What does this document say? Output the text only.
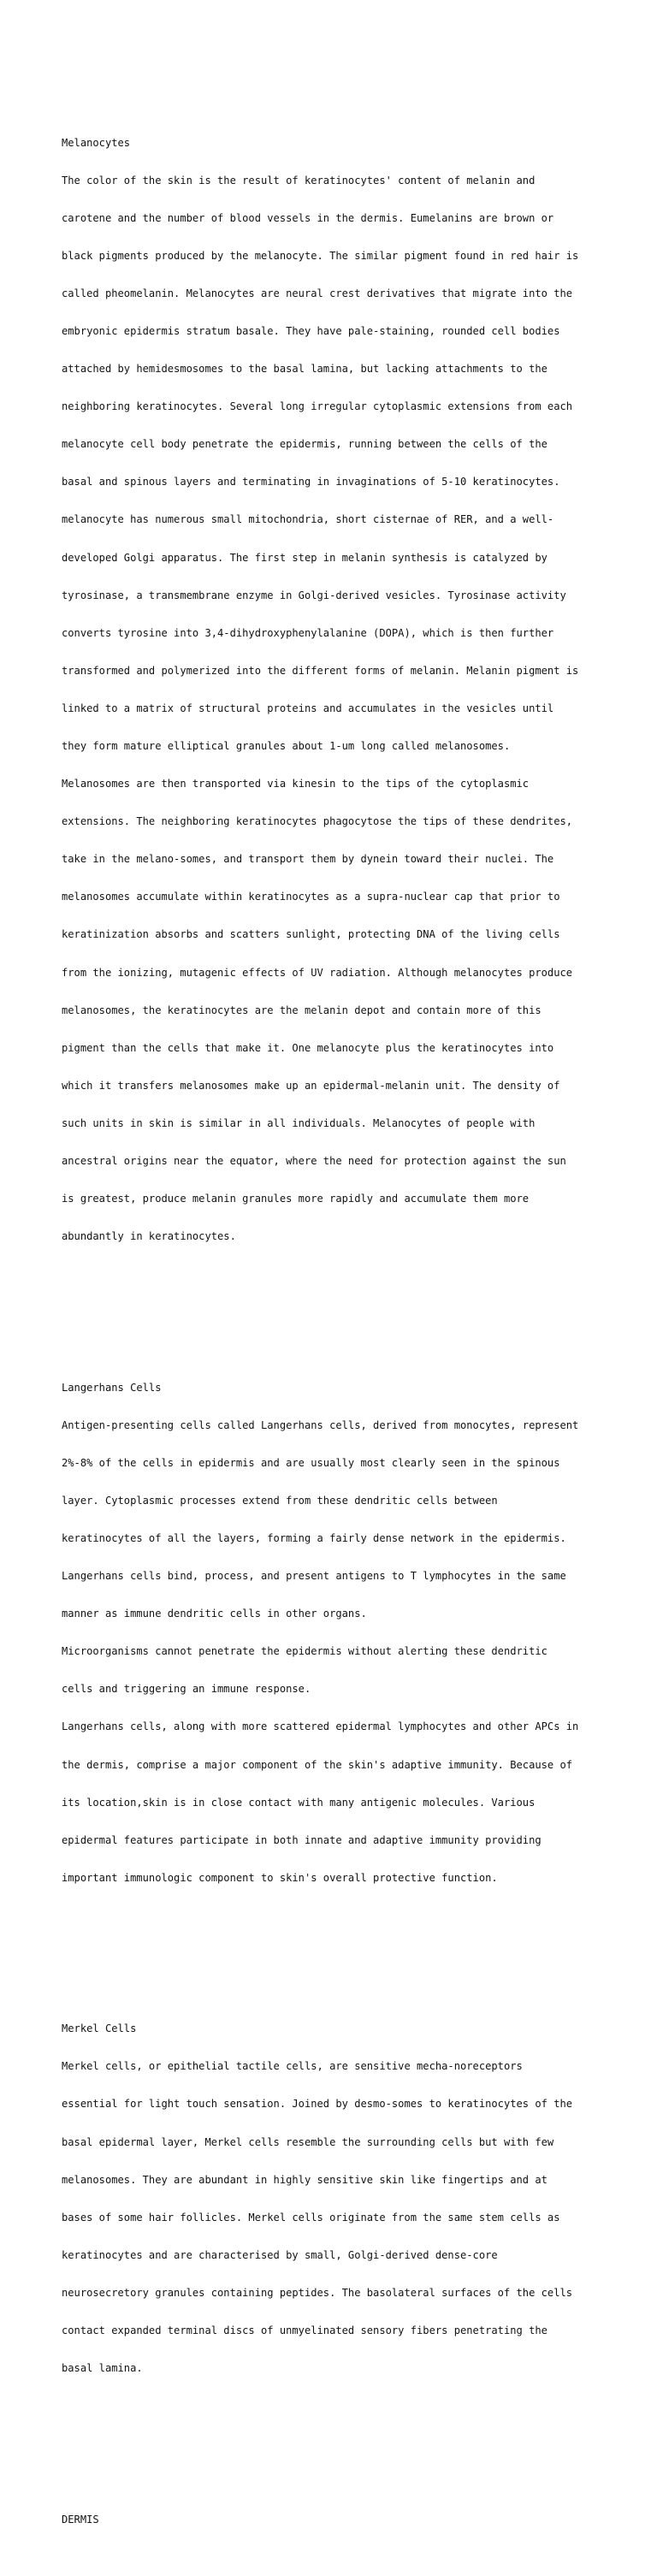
Melanocytes

The color of the skin is the result of keratinocytes' content of melanin and

carotene and the number of blood vessels in the dermis. Eumelanins are brown or

black pigments produced by the melanocyte. The similar pigment found in red hair is

called pheomelanin. Melanocytes are neural crest derivatives that migrate into the

embryonic epidermis stratum basale. They have pale-staining, rounded cell bodies

attached by hemidesmosomes to the basal lamina, but lacking attachments to the

neighboring keratinocytes. Several long irregular cytoplasmic extensions from each

melanocyte cell body penetrate the epidermis, running between the cells of the

basal and spinous layers and terminating in invaginations of 5-10 keratinocytes.

melanocyte has numerous small mitochondria, short cisternae of RER, and a well-

developed Golgi apparatus. The first step in melanin synthesis is catalyzed by

tyrosinase, a transmembrane enzyme in Golgi-derived vesicles. Tyrosinase activity

converts tyrosine into 3,4-dihydroxyphenylalanine (DOPA), which is then further

transformed and polymerized into the different forms of melanin. Melanin pigment is

linked to a matrix of structural proteins and accumulates in the vesicles until

they form mature elliptical granules about 1-um long called melanosomes.

Melanosomes are then transported via kinesin to the tips of the cytoplasmic

extensions. The neighboring keratinocytes phagocytose the tips of these dendrites,

take in the melano-somes, and transport them by dynein toward their nuclei. The

melanosomes accumulate within keratinocytes as a supra-nuclear cap that prior to

keratinization absorbs and scatters sunlight, protecting DNA of the living cells

from the ionizing, mutagenic effects of UV radiation. Although melanocytes produce

melanosomes, the keratinocytes are the melanin depot and contain more of this

pigment than the cells that make it. One melanocyte plus the keratinocytes into

which it transfers melanosomes make up an epidermal-melanin unit. The density of

such units in skin is similar in all individuals. Melanocytes of people with

ancestral origins near the equator, where the need for protection against the sun

is greatest, produce melanin granules more rapidly and accumulate them more

abundantly in keratinocytes.

Langerhans Cells

Antigen-presenting cells called Langerhans cells, derived from monocytes, represent

2%-8% of the cells in epidermis and are usually most clearly seen in the spinous

layer. Cytoplasmic processes extend from these dendritic cells between

keratinocytes of all the layers, forming a fairly dense network in the epidermis.

Langerhans cells bind, process, and present antigens to T lymphocytes in the same

manner as immune dendritic cells in other organs.

Microorganisms cannot penetrate the epidermis without alerting these dendritic

cells and triggering an immune response.

Langerhans cells, along with more scattered epidermal lymphocytes and other APCs in

the dermis, comprise a major component of the skin's adaptive immunity. Because of

its location,skin is in close contact with many antigenic molecules. Various

epidermal features participate in both innate and adaptive immunity providing

important immunologic component to skin's overall protective function.

Merkel Cells

Merkel cells, or epithelial tactile cells, are sensitive mecha-noreceptors

essential for light touch sensation. Joined by desmo-somes to keratinocytes of the

basal epidermal layer, Merkel cells resemble the surrounding cells but with few

melanosomes. They are abundant in highly sensitive skin like fingertips and at

bases of some hair follicles. Merkel cells originate from the same stem cells as

keratinocytes and are characterised by small, Golgi-derived dense-core

neurosecretory granules containing peptides. The basolateral surfaces of the cells

contact expanded terminal discs of unmyelinated sensory fibers penetrating the

basal lamina.

DERMIS
